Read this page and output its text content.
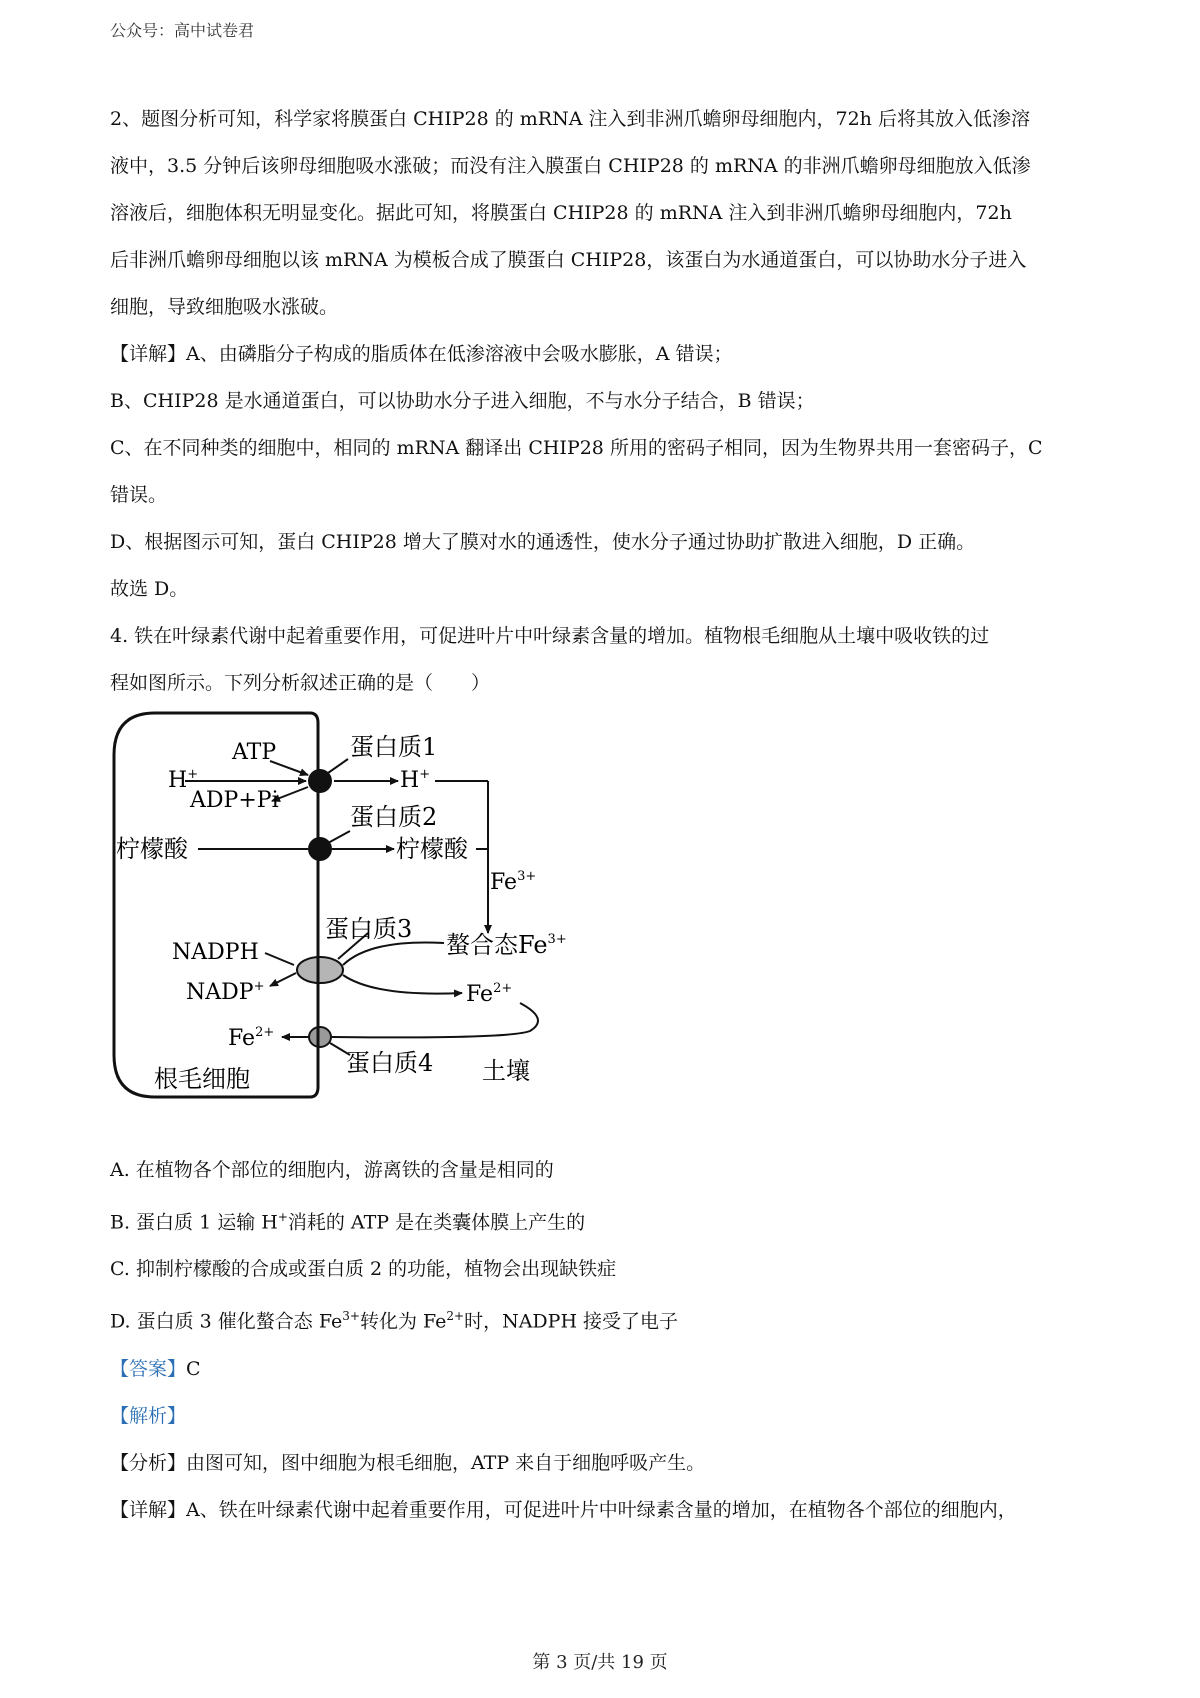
公众号：高中试卷君

2、题图分析可知，科学家将膜蛋白 CHIP28 的 mRNA 注入到非洲爪蟾卵母细胞内，72h 后将其放入低渗溶

液中，3.5 分钟后该卵母细胞吸水涨破；而没有注入膜蛋白 CHIP28 的 mRNA 的非洲爪蟾卵母细胞放入低渗

溶液后，细胞体积无明显变化。据此可知，将膜蛋白 CHIP28 的 mRNA 注入到非洲爪蟾卵母细胞内，72h

后非洲爪蟾卵母细胞以该 mRNA 为模板合成了膜蛋白 CHIP28，该蛋白为水通道蛋白，可以协助水分子进入

细胞，导致细胞吸水涨破。

【详解】A、由磷脂分子构成的脂质体在低渗溶液中会吸水膨胀，A 错误；

B、CHIP28 是水通道蛋白，可以协助水分子进入细胞，不与水分子结合，B 错误；

C、在不同种类的细胞中，相同的 mRNA 翻译出 CHIP28 所用的密码子相同，因为生物界共用一套密码子，C

错误。

D、根据图示可知，蛋白 CHIP28 增大了膜对水的通透性，使水分子通过协助扩散进入细胞，D 正确。

故选 D。

4. 铁在叶绿素代谢中起着重要作用，可促进叶片中叶绿素含量的增加。植物根毛细胞从土壤中吸收铁的过

程如图所示。下列分析叙述正确的是（　　）

ATP	蛋白质1
H+	H+
ADP+Pi
蛋白质2
柠檬酸	柠檬酸
$Fe^{3+}$
蛋白质3
NADPH	螯合态$Fe^{3+}$
NADP+	$Fe^{2+}$
$Fe^{2+}$
蛋白质4
根毛细胞	土壤

A. 在植物各个部位的细胞内，游离铁的含量是相同的

B. 蛋白质 1 运输 H+消耗的 ATP 是在类囊体膜上产生的

C. 抑制柠檬酸的合成或蛋白质 2 的功能，植物会出现缺铁症

D. 蛋白质 3 催化螯合态 $Fe^{3+}$转化为 $Fe^{2+}$时，NADPH 接受了电子

【答案】C

【解析】

【分析】由图可知，图中细胞为根毛细胞，ATP 来自于细胞呼吸产生。

【详解】A、铁在叶绿素代谢中起着重要作用，可促进叶片中叶绿素含量的增加，在植物各个部位的细胞内，

第 3 页/共 19 页
